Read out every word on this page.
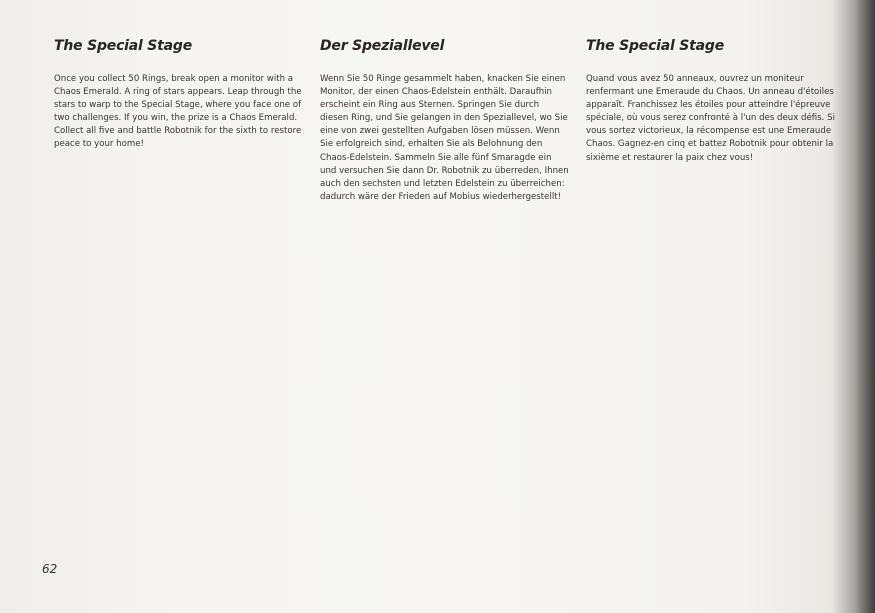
The Special Stage

Once you collect 50 Rings, break open a monitor with a Chaos Emerald. A ring of stars appears. Leap through the stars to warp to the Special Stage, where you face one of two challenges. If you win, the prize is a Chaos Emerald. Collect all five and battle Robotnik for the sixth to restore peace to your home!

Der Speziallevel

Wenn Sie 50 Ringe gesammelt haben, knacken Sie einen Monitor, der einen Chaos-Edelstein enthält. Daraufhin erscheint ein Ring aus Sternen. Springen Sie durch diesen Ring, und Sie gelangen in den Speziallevel, wo Sie eine von zwei gestellten Aufgaben lösen müssen. Wenn Sie erfolgreich sind, erhalten Sie als Belohnung den Chaos-Edelstein. Sammeln Sie alle fünf Smaragde ein und versuchen Sie dann Dr. Robotnik zu überreden, Ihnen auch den sechsten und letzten Edelstein zu überreichen: dadurch wäre der Frieden auf Mobius wiederhergestellt!

The Special Stage

Quand vous avez 50 anneaux, ouvrez un moniteur renfermant une Emeraude du Chaos. Un anneau d'étoiles apparaît. Franchissez les étoiles pour atteindre l'épreuve spéciale, où vous serez confronté à l'un des deux défis. Si vous sortez victorieux, la récompense est une Emeraude Chaos. Gagnez-en cinq et battez Robotnik pour obtenir la sixième et restaurer la paix chez vous!

62
